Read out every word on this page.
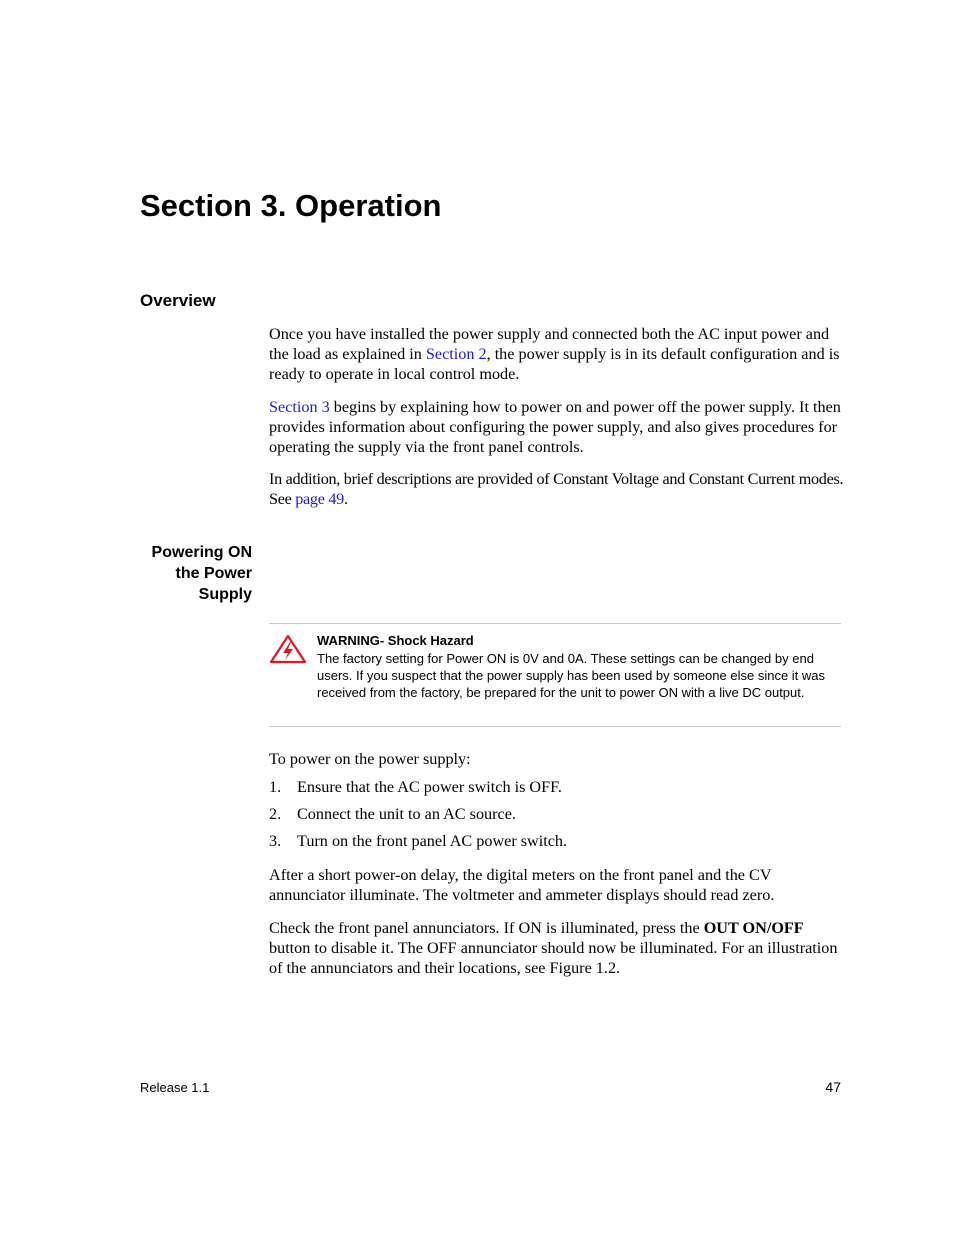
Section 3. Operation
Overview

Once you have installed the power supply and connected both the AC input power and the load as explained in Section 2, the power supply is in its default configuration and is ready to operate in local control mode.

Section 3 begins by explaining how to power on and power off the power supply. It then provides information about configuring the power supply, and also gives procedures for operating the supply via the front panel controls.

In addition, brief descriptions are provided of Constant Voltage and Constant Current modes. See page 49.

Powering ON
the Power
Supply
WARNING- Shock Hazard
The factory setting for Power ON is 0V and 0A. These settings can be changed by end users. If you suspect that the power supply has been used by someone else since it was received from the factory, be prepared for the unit to power ON with a live DC output.

To power on the power supply:

1. Ensure that the AC power switch is OFF.
2. Connect the unit to an AC source.
3. Turn on the front panel AC power switch.

After a short power-on delay, the digital meters on the front panel and the CV annunciator illuminate. The voltmeter and ammeter displays should read zero.

Check the front panel annunciators. If ON is illuminated, press the OUT ON/OFF button to disable it. The OFF annunciator should now be illuminated. For an illustration of the annunciators and their locations, see Figure 1.2.

Release 1.1	47
